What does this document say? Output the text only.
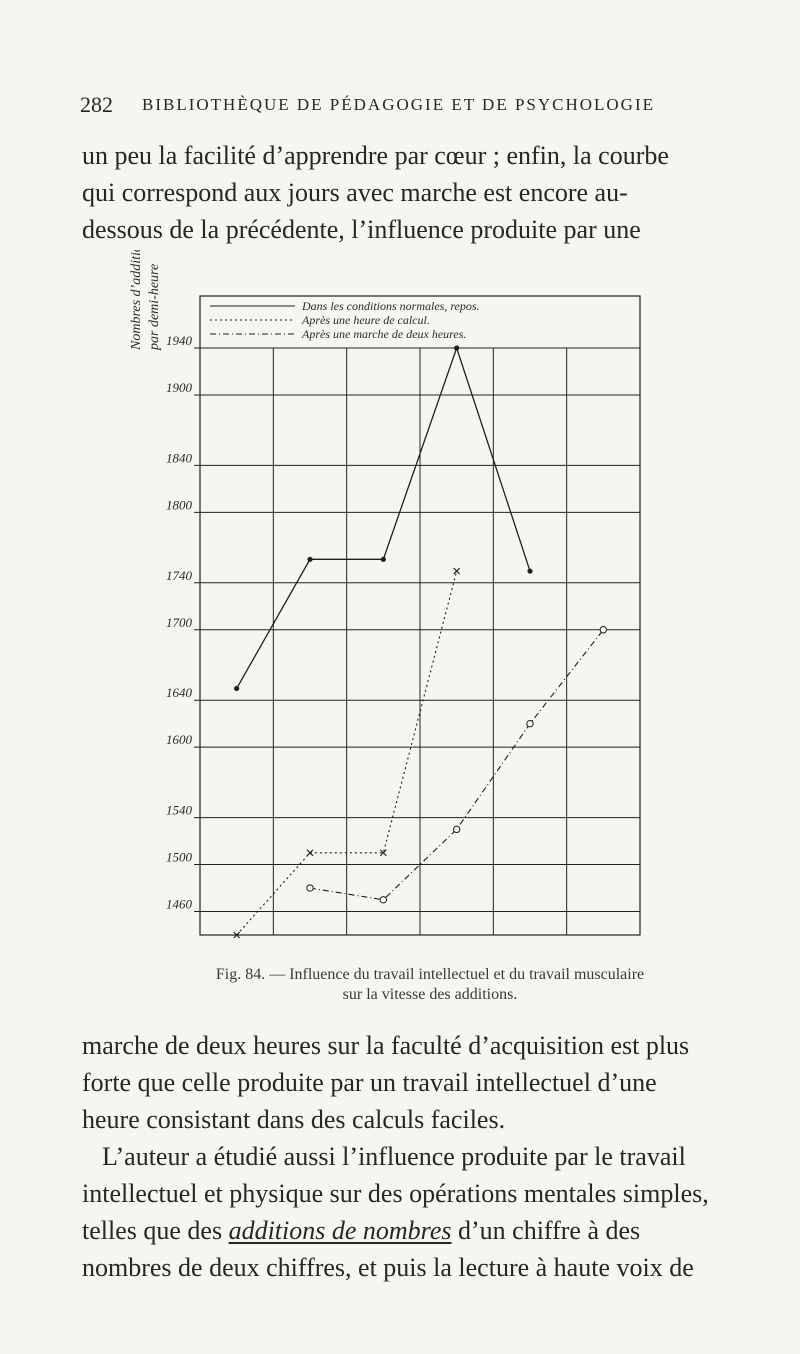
282 BIBLIOTHÈQUE DE PÉDAGOGIE ET DE PSYCHOLOGIE
un peu la facilité d’apprendre par cœur ; enfin, la courbe
qui correspond aux jours avec marche est encore au-
dessous de la précédente, l’influence produite par une
Nombres d’additions par demi-heure 1940
1900
1840
1800
1740
1700
1640
1600
1540
1500
1460
Dans les conditions normales, repos.
Après une heure de calcul.
Après une marche de deux heures.
Fig. 84. — Influence du travail intellectuel et du travail musculaire
sur la vitesse des additions.
marche de deux heures sur la faculté d’acquisition est plus
forte que celle produite par un travail intellectuel d’une
heure consistant dans des calculs faciles.
L’auteur a étudié aussi l’influence produite par le travail
intellectuel et physique sur des opérations mentales simples,
telles que des additions de nombres d’un chiffre à des
nombres de deux chiffres, et puis la lecture à haute voix de
